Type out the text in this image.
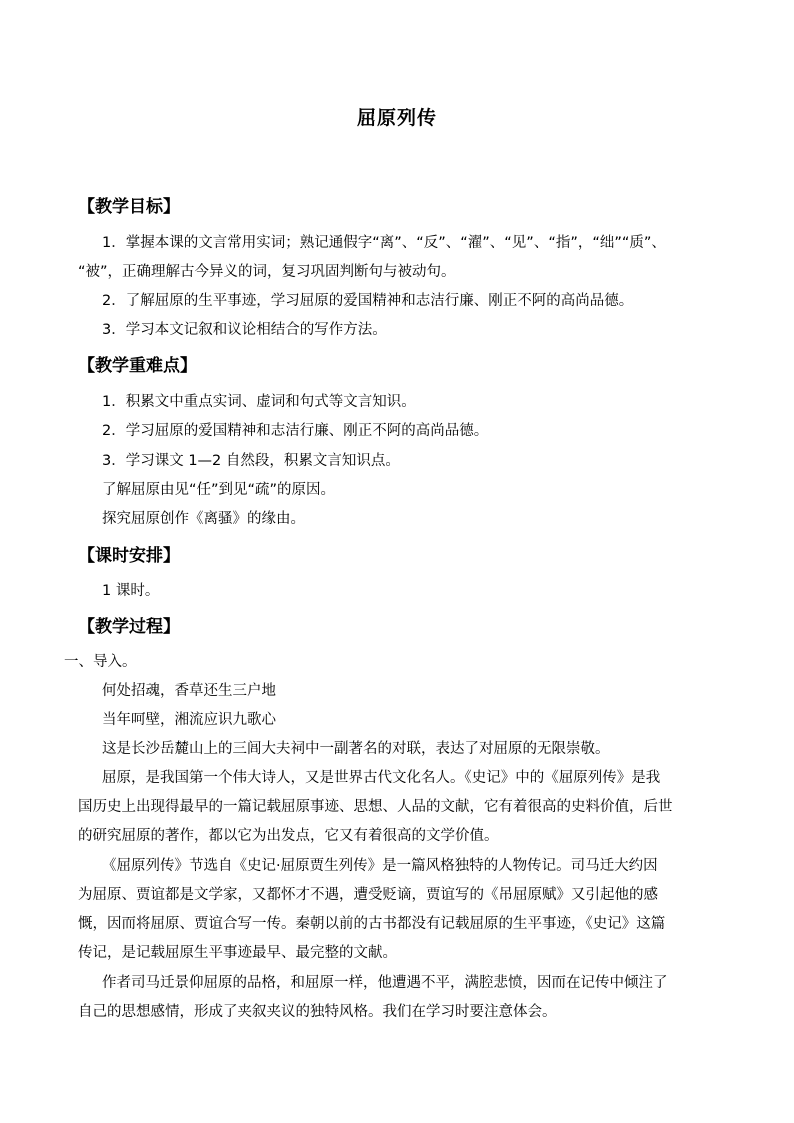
屈原列传
【教学目标】
1．掌握本课的文言常用实词；熟记通假字“离”、“反”、“濯”、“见”、“指”，“绌”“质”、
“被”，正确理解古今异义的词，复习巩固判断句与被动句。
2．了解屈原的生平事迹，学习屈原的爱国精神和志洁行廉、刚正不阿的高尚品德。
3．学习本文记叙和议论相结合的写作方法。
【教学重难点】
1．积累文中重点实词、虚词和句式等文言知识。
2．学习屈原的爱国精神和志洁行廉、刚正不阿的高尚品德。
3．学习课文 1—2 自然段，积累文言知识点。
了解屈原由见“任”到见“疏”的原因。
探究屈原创作《离骚》的缘由。
【课时安排】
1 课时。
【教学过程】
一、导入。
何处招魂，香草还生三户地
当年呵壁，湘流应识九歌心
这是长沙岳麓山上的三闾大夫祠中一副著名的对联，表达了对屈原的无限崇敬。
屈原，是我国第一个伟大诗人，又是世界古代文化名人。《史记》中的《屈原列传》是我
国历史上出现得最早的一篇记载屈原事迹、思想、人品的文献，它有着很高的史料价值，后世
的研究屈原的著作，都以它为出发点，它又有着很高的文学价值。
《屈原列传》节选自《史记·屈原贾生列传》是一篇风格独特的人物传记。司马迁大约因
为屈原、贾谊都是文学家，又都怀才不遇，遭受贬谪，贾谊写的《吊屈原赋》又引起他的感
慨，因而将屈原、贾谊合写一传。秦朝以前的古书都没有记载屈原的生平事迹，《史记》这篇
传记，是记载屈原生平事迹最早、最完整的文献。
作者司马迁景仰屈原的品格，和屈原一样，他遭遇不平，满腔悲愤，因而在记传中倾注了
自己的思想感情，形成了夹叙夹议的独特风格。我们在学习时要注意体会。
